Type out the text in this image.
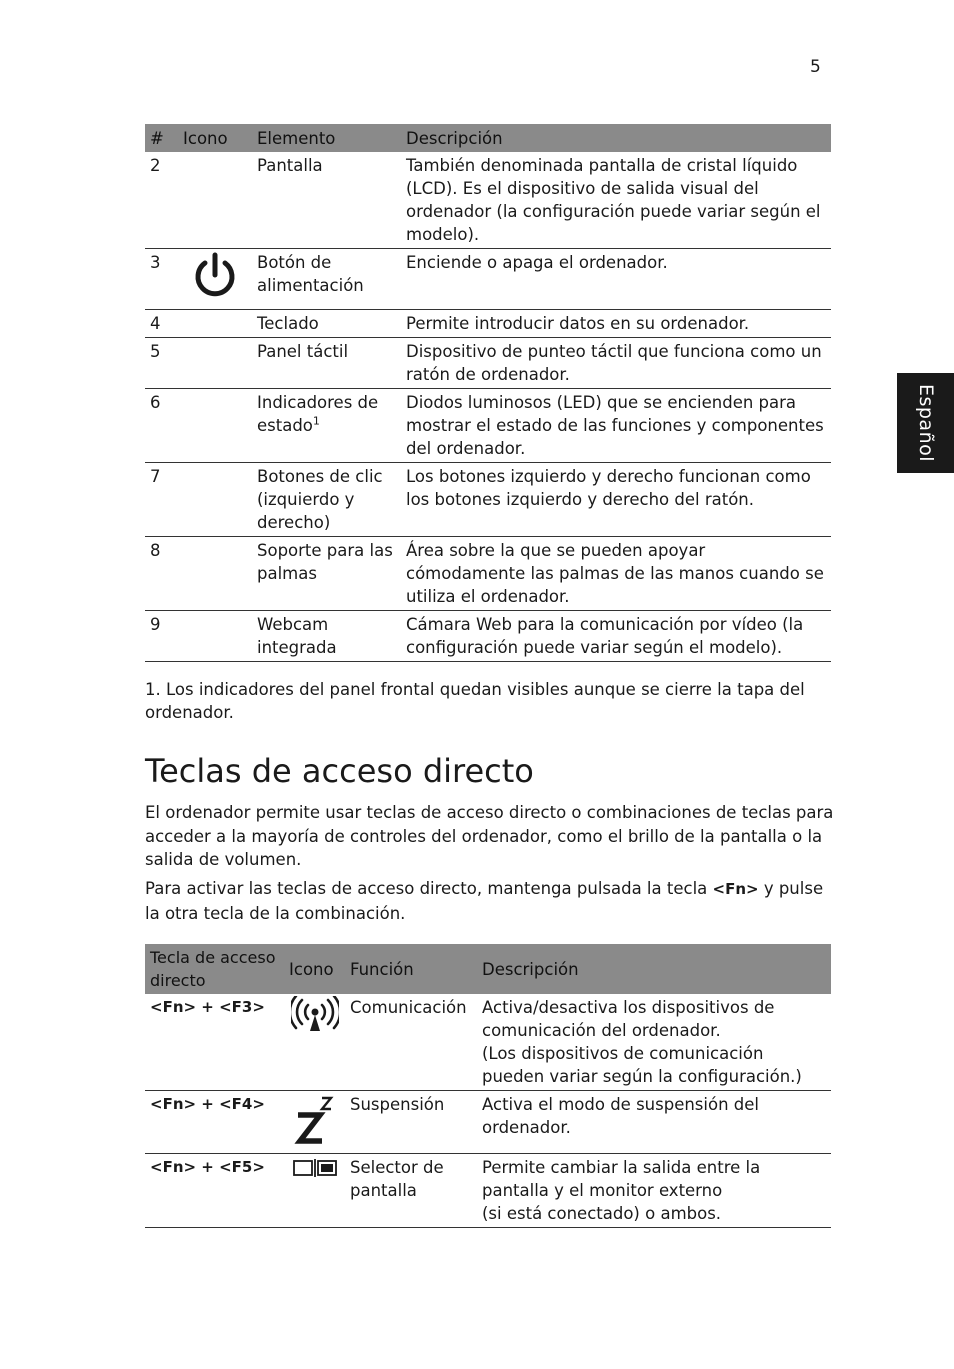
5
Español
#	Icono	Elemento	Descripción
2		Pantalla	También denominada pantalla de cristal líquido (LCD). Es el dispositivo de salida visual del ordenador (la configuración puede variar según el modelo).
3		Botón de alimentación	Enciende o apaga el ordenador.
4		Teclado	Permite introducir datos en su ordenador.
5		Panel táctil	Dispositivo de punteo táctil que funciona como un ratón de ordenador.
6		Indicadores de estado$^1$	Diodos luminosos (LED) que se encienden para mostrar el estado de las funciones y componentes del ordenador.
7		Botones de clic (izquierdo y derecho)	Los botones izquierdo y derecho funcionan como los botones izquierdo y derecho del ratón.
8		Soporte para las palmas	Área sobre la que se pueden apoyar cómodamente las palmas de las manos cuando se utiliza el ordenador.
9		Webcam integrada	Cámara Web para la comunicación por vídeo (la configuración puede variar según el modelo).
1. Los indicadores del panel frontal quedan visibles aunque se cierre la tapa del ordenador.
Teclas de acceso directo

El ordenador permite usar teclas de acceso directo o combinaciones de teclas para acceder a la mayoría de controles del ordenador, como el brillo de la pantalla o la salida de volumen.

Para activar las teclas de acceso directo, mantenga pulsada la tecla <Fn> y pulse la otra tecla de la combinación.

Tecla de acceso directo	Icono	Función	Descripción
<Fn> + <F3>		Comunicación	Activa/desactiva los dispositivos de comunicación del ordenador.
(Los dispositivos de comunicación pueden variar según la configuración.)

<Fn> + <F4>		Suspensión	Activa el modo de suspensión del ordenador.
<Fn> + <F5>		Selector de pantalla	Permite cambiar la salida entre la pantalla y el monitor externo
(si está conectado) o ambos.
